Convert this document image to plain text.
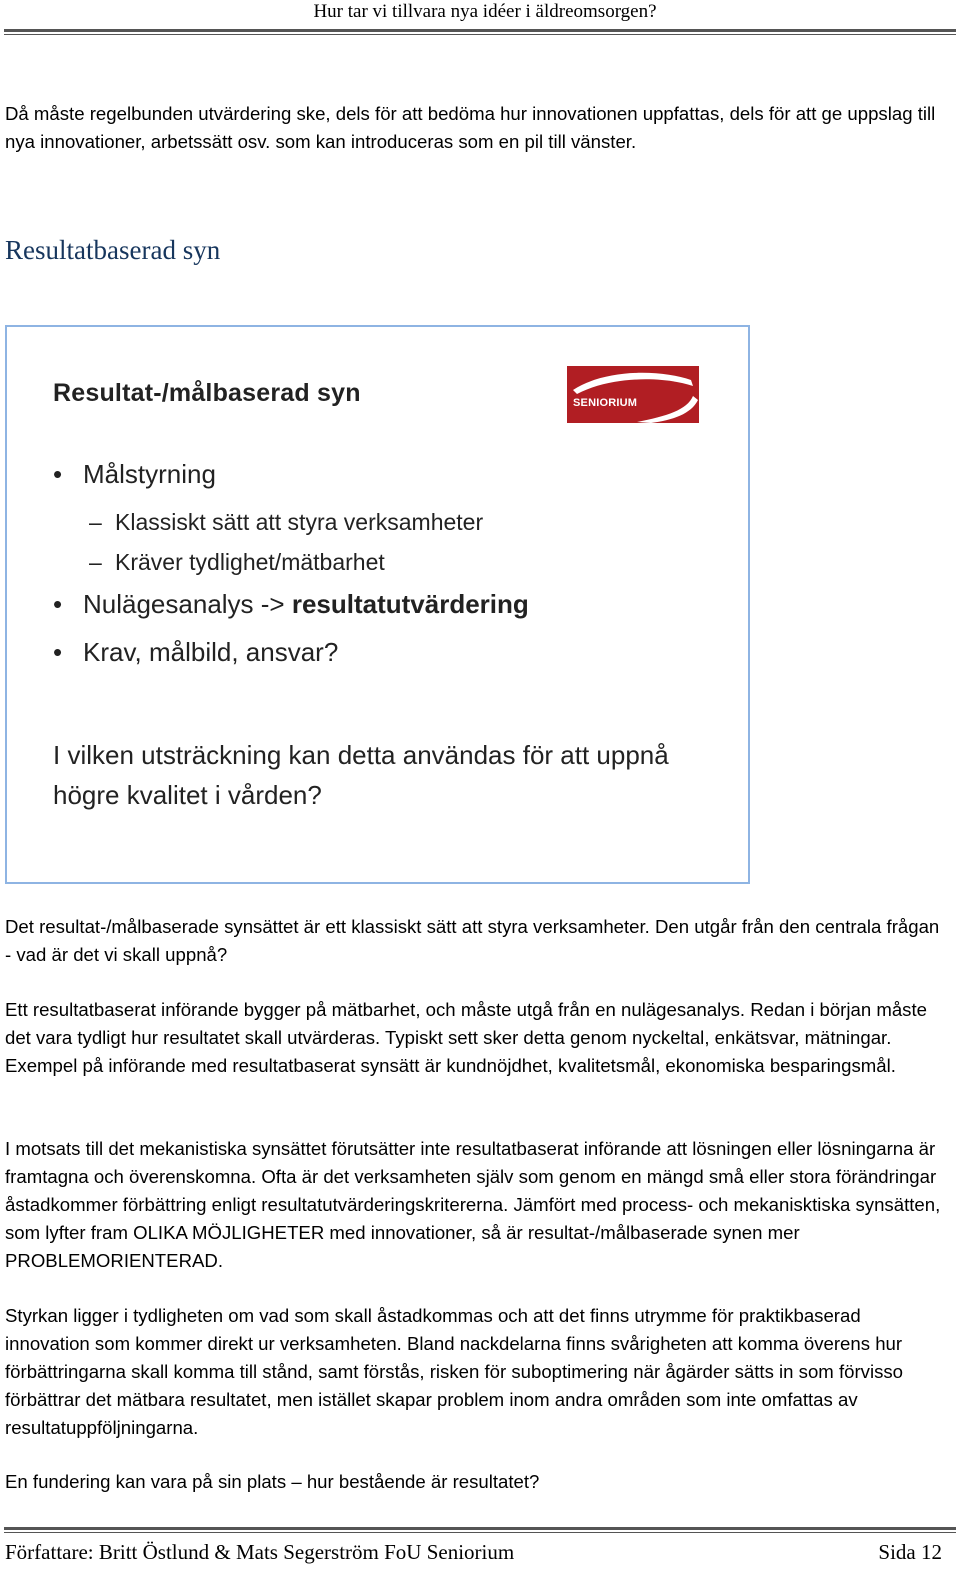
Hur tar vi tillvara nya idéer i äldreomsorgen?

Då måste regelbunden utvärdering ske, dels för att bedöma hur innovationen uppfattas, dels för att ge uppslag till nya innovationer, arbetssätt osv. som kan introduceras som en pil till vänster.

Resultatbaserad syn
Resultat-/målbaserad syn	SENIORIUM
• Målstyrning
– Klassiskt sätt att styra verksamheter
– Kräver tydlighet/mätbarhet
• Nulägesanalys -> resultatutvärdering
• Krav, målbild, ansvar?

I vilken utsträckning kan detta användas för att uppnå högre kvalitet i vården?

Det resultat-/målbaserade synsättet är ett klassiskt sätt att styra verksamheter. Den utgår från den centrala frågan - vad är det vi skall uppnå?

Ett resultatbaserat införande bygger på mätbarhet, och måste utgå från en nulägesanalys. Redan i början måste det vara tydligt hur resultatet skall utvärderas. Typiskt sett sker detta genom nyckeltal, enkätsvar, mätningar. Exempel på införande med resultatbaserat synsätt är kundnöjdhet, kvalitetsmål, ekonomiska besparingsmål.

I motsats till det mekanistiska synsättet förutsätter inte resultatbaserat införande att lösningen eller lösningarna är framtagna och överenskomna. Ofta är det verksamheten själv som genom en mängd små eller stora förändringar åstadkommer förbättring enligt resultatutvärderingskritererna. Jämfört med process- och mekanisktiska synsätten, som lyfter fram OLIKA MÖJLIGHETER med innovationer, så är resultat-/målbaserade synen mer PROBLEMORIENTERAD.

Styrkan ligger i tydligheten om vad som skall åstadkommas och att det finns utrymme för praktikbaserad innovation som kommer direkt ur verksamheten. Bland nackdelarna finns svårigheten att komma överens hur förbättringarna skall komma till stånd, samt förstås, risken för suboptimering när ågärder sätts in som förvisso förbättrar det mätbara resultatet, men istället skapar problem inom andra områden som inte omfattas av resultatuppföljningarna.

En fundering kan vara på sin plats – hur bestående är resultatet?

Författare: Britt Östlund & Mats Segerström FoU Seniorium	Sida 12
